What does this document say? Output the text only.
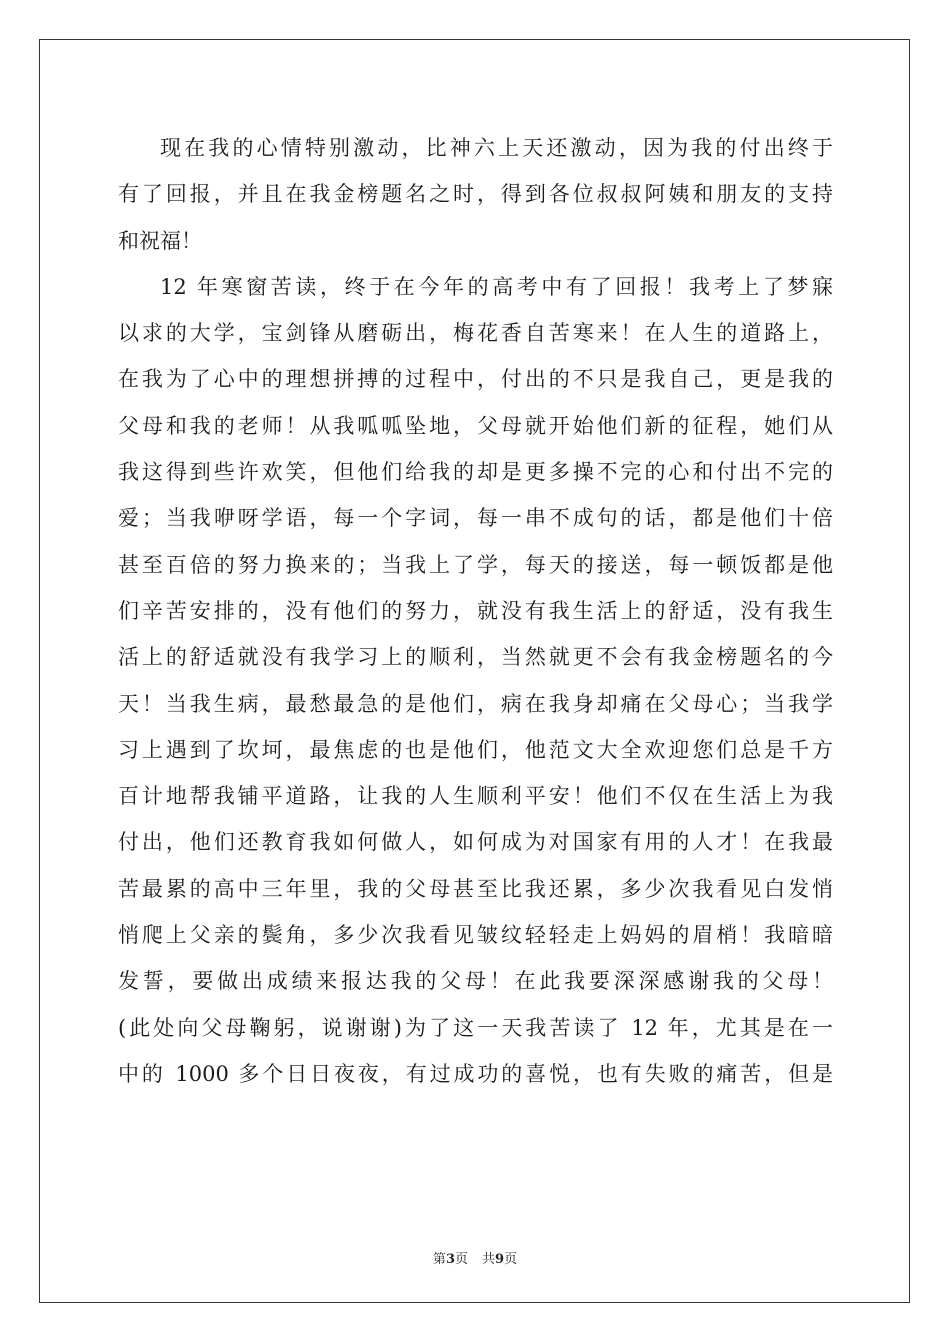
现在我的心情特别激动，比神六上天还激动，因为我的付出终于
有了回报，并且在我金榜题名之时，得到各位叔叔阿姨和朋友的支持
和祝福！
12 年寒窗苦读，终于在今年的高考中有了回报！我考上了梦寐
以求的大学，宝剑锋从磨砺出，梅花香自苦寒来！在人生的道路上，
在我为了心中的理想拼搏的过程中，付出的不只是我自己，更是我的
父母和我的老师！从我呱呱坠地，父母就开始他们新的征程，她们从
我这得到些许欢笑，但他们给我的却是更多操不完的心和付出不完的
爱；当我咿呀学语，每一个字词，每一串不成句的话，都是他们十倍
甚至百倍的努力换来的；当我上了学，每天的接送，每一顿饭都是他
们辛苦安排的，没有他们的努力，就没有我生活上的舒适，没有我生
活上的舒适就没有我学习上的顺利，当然就更不会有我金榜题名的今
天！当我生病，最愁最急的是他们，病在我身却痛在父母心；当我学
习上遇到了坎坷，最焦虑的也是他们，他范文大全欢迎您们总是千方
百计地帮我铺平道路，让我的人生顺利平安！他们不仅在生活上为我
付出，他们还教育我如何做人，如何成为对国家有用的人才！在我最
苦最累的高中三年里，我的父母甚至比我还累，多少次我看见白发悄
悄爬上父亲的鬓角，多少次我看见皱纹轻轻走上妈妈的眉梢！我暗暗
发誓，要做出成绩来报达我的父母！在此我要深深感谢我的父母！
(此处向父母鞠躬，说谢谢)为了这一天我苦读了 12 年，尤其是在一
中的 1000 多个日日夜夜，有过成功的喜悦，也有失败的痛苦，但是
第3页 共9页
